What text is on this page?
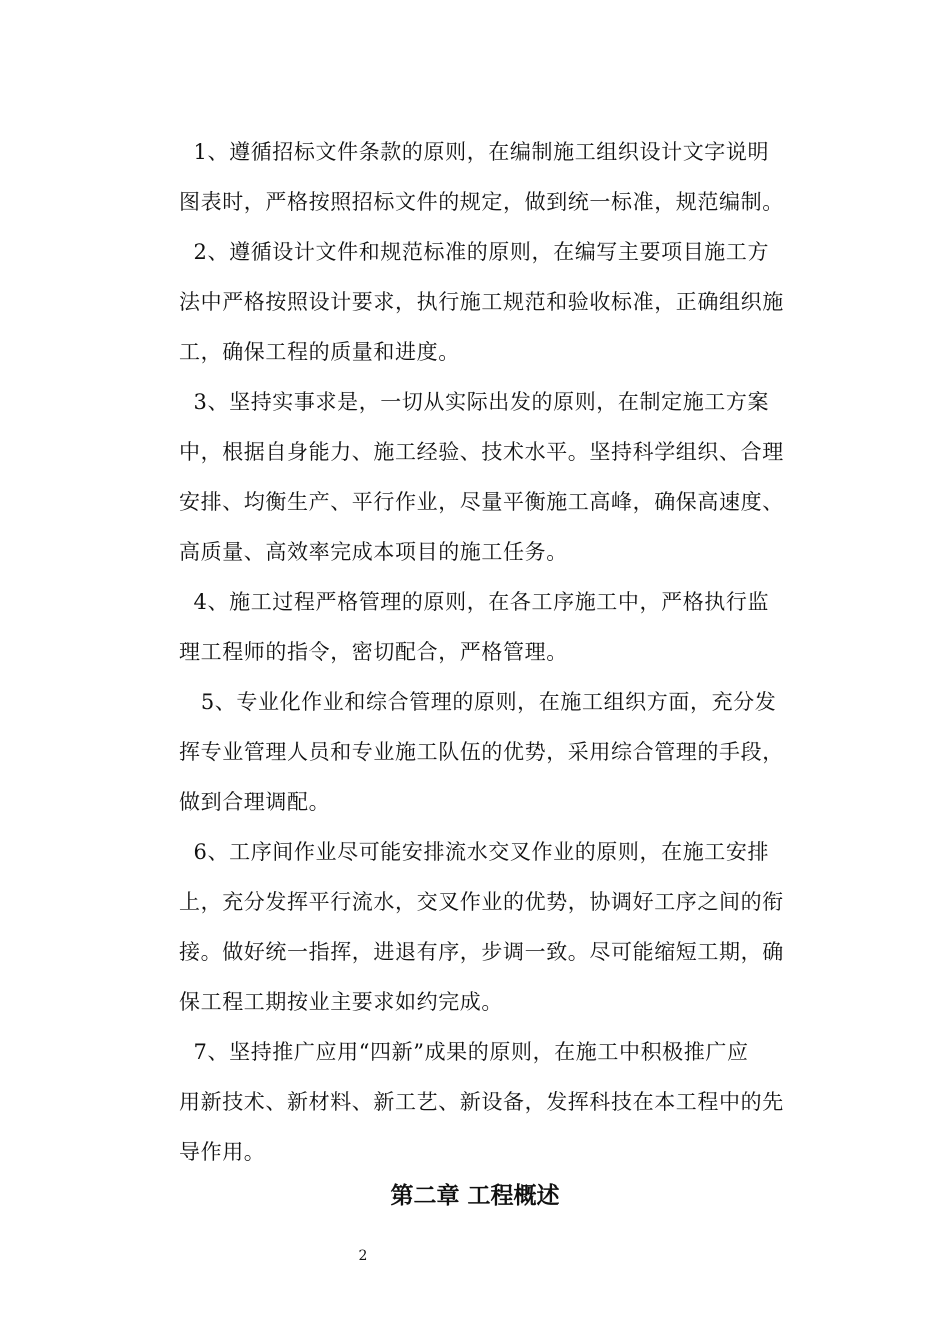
1、遵循招标文件条款的原则，在编制施工组织设计文字说明
图表时，严格按照招标文件的规定，做到统一标准，规范编制。
2、遵循设计文件和规范标准的原则，在编写主要项目施工方
法中严格按照设计要求，执行施工规范和验收标准，正确组织施
工，确保工程的质量和进度。
3、坚持实事求是，一切从实际出发的原则，在制定施工方案
中，根据自身能力、施工经验、技术水平。坚持科学组织、合理
安排、均衡生产、平行作业，尽量平衡施工高峰，确保高速度、
高质量、高效率完成本项目的施工任务。
4、施工过程严格管理的原则，在各工序施工中，严格执行监
理工程师的指令，密切配合，严格管理。
5、专业化作业和综合管理的原则，在施工组织方面，充分发
挥专业管理人员和专业施工队伍的优势，采用综合管理的手段，
做到合理调配。
6、工序间作业尽可能安排流水交叉作业的原则，在施工安排
上，充分发挥平行流水，交叉作业的优势，协调好工序之间的衔
接。做好统一指挥，进退有序，步调一致。尽可能缩短工期，确
保工程工期按业主要求如约完成。
7、坚持推广应用“四新”成果的原则，在施工中积极推广应
用新技术、新材料、新工艺、新设备，发挥科技在本工程中的先
导作用。
第二章 工程概述
2
